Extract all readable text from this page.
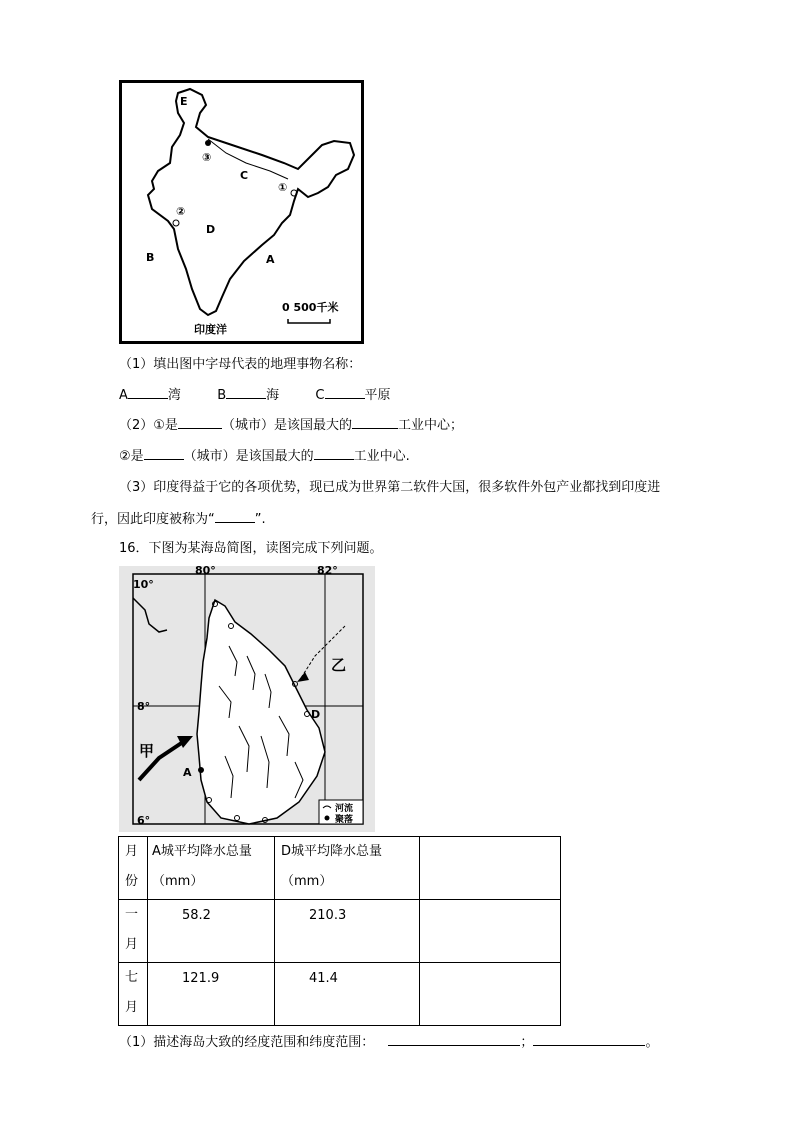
E
③
C
①
②
D
B	A
0 500千米
印度洋
（1）填出图中字母代表的地理事物名称：
A	湾	B	海	C	平原
（2）①是	（城市）是该国最大的	工业中心；
②是	（城市）是该国最大的	工业中心.
（3）印度得益于它的各项优势，现已成为世界第二软件大国，很多软件外包产业都找到印度进
行，因此印度被称为“	”.
16．下图为某海岛简图，读图完成下列问题。
80°	82°
10°
8°
6°
乙
甲
A
D
河流
聚落
月份	A城平均降水总量（mm）	D城平均降水总量（mm）	

一月	58.2	210.3	

七月	121.9	41.4	

（1）描述海岛大致的经度范围和纬度范围：	；	。
